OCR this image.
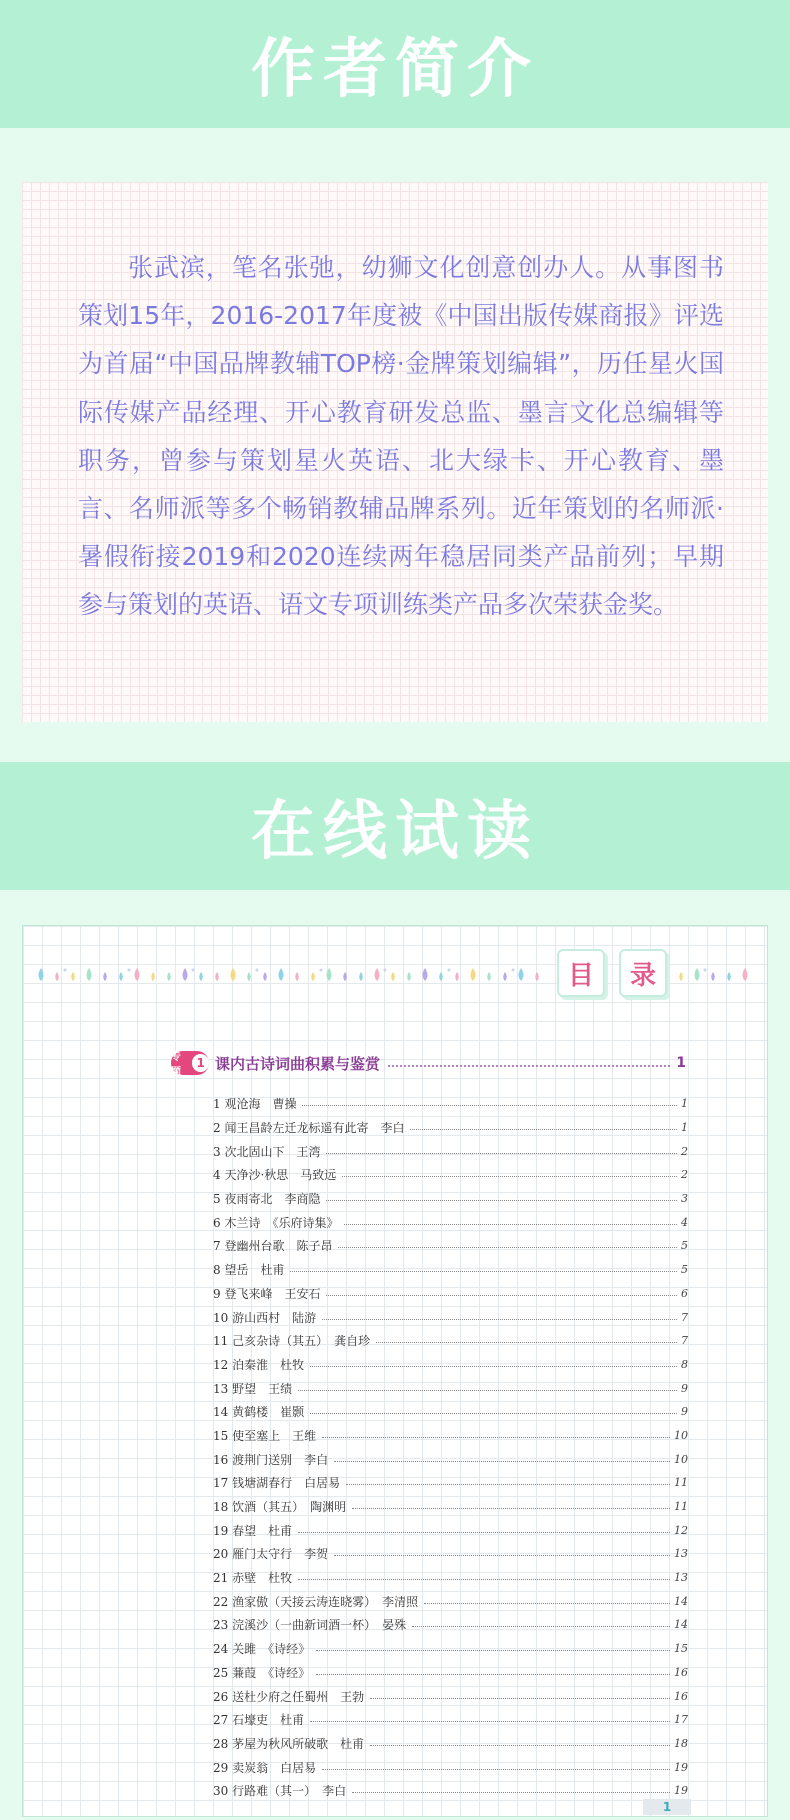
作者简介

张武滨，笔名张弛，幼狮文化创意创办人。从事图书策划15年，2016-2017年度被《中国出版传媒商报》评选为首届“中国品牌教辅TOP榜·金牌策划编辑”，历任星火国际传媒产品经理、开心教育研发总监、墨言文化总编辑等职务，曾参与策划星火英语、北大绿卡、开心教育、墨言、名师派等多个畅销教辅品牌系列。近年策划的名师派·暑假衔接2019和2020连续两年稳居同类产品前列；早期参与策划的英语、语文专项训练类产品多次荣获金奖。

在线试读
目	录
专题
1 课内古诗词曲积累与鉴赏	1
1 观沧海　曹操	1
2 闻王昌龄左迁龙标遥有此寄　李白	1
3 次北固山下　王湾	2
4 天净沙·秋思　马致远	2
5 夜雨寄北　李商隐	3
6 木兰诗　《乐府诗集》	4
7 登幽州台歌　陈子昂	5
8 望岳　杜甫	5
9 登飞来峰　王安石	6
10 游山西村　陆游	7
11 己亥杂诗（其五）　龚自珍	7
12 泊秦淮　杜牧	8
13 野望　王绩	9
14 黄鹤楼　崔颢	9
15 使至塞上　王维	10
16 渡荆门送别　李白	10
17 钱塘湖春行　白居易	11
18 饮酒（其五）　陶渊明	11
19 春望　杜甫	12
20 雁门太守行　李贺	13
21 赤壁　杜牧	13
22 渔家傲（天接云涛连晓雾）　李清照	14
23 浣溪沙（一曲新词酒一杯）　晏殊	14
24 关雎　《诗经》	15
25 蒹葭　《诗经》	16
26 送杜少府之任蜀州　王勃	16
27 石壕吏　杜甫	17
28 茅屋为秋风所破歌　杜甫	18
29 卖炭翁　白居易	19
30 行路难（其一）　李白	19
1
